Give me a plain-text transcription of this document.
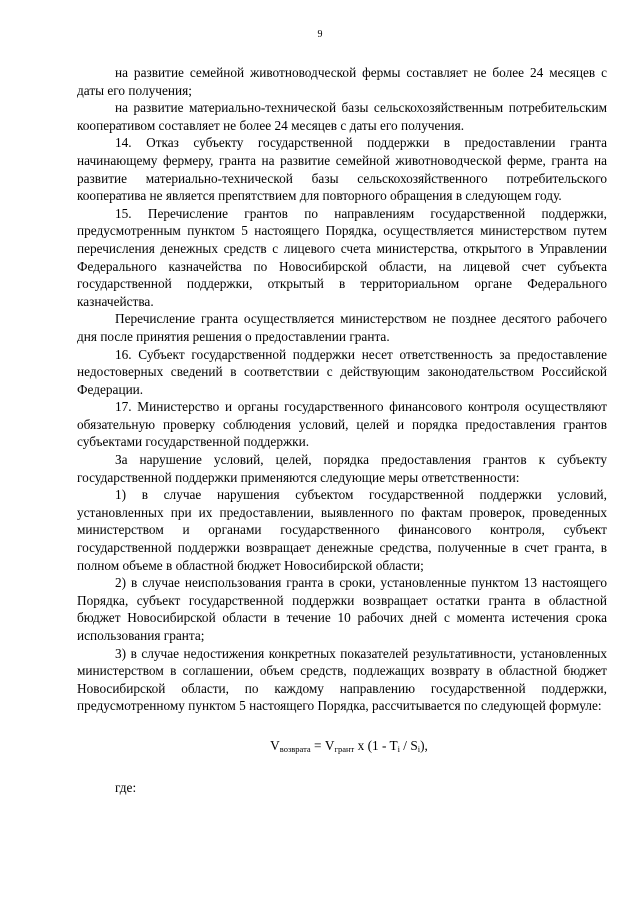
9

на развитие семейной животноводческой фермы составляет не более 24 месяцев с даты его получения;

на развитие материально-технической базы сельскохозяйственным потребительским кооперативом составляет не более 24 месяцев с даты его получения.

14. Отказ субъекту государственной поддержки в предоставлении гранта начинающему фермеру, гранта на развитие семейной животноводческой ферме, гранта на развитие материально-технической базы сельскохозяйственного потребительского кооператива не является препятствием для повторного обращения в следующем году.

15. Перечисление грантов по направлениям государственной поддержки, предусмотренным пунктом 5 настоящего Порядка, осуществляется министерством путем перечисления денежных средств с лицевого счета министерства, открытого в Управлении Федерального казначейства по Новосибирской области, на лицевой счет субъекта государственной поддержки, открытый в территориальном органе Федерального казначейства.

Перечисление гранта осуществляется министерством не позднее десятого рабочего дня после принятия решения о предоставлении гранта.

16. Субъект государственной поддержки несет ответственность за предоставление недостоверных сведений в соответствии с действующим законодательством Российской Федерации.

17. Министерство и органы государственного финансового контроля осуществляют обязательную проверку соблюдения условий, целей и порядка предоставления грантов субъектами государственной поддержки.

За нарушение условий, целей, порядка предоставления грантов к субъекту государственной поддержки применяются следующие меры ответственности:

1) в случае нарушения субъектом государственной поддержки условий, установленных при их предоставлении, выявленного по фактам проверок, проведенных министерством и органами государственного финансового контроля, субъект государственной поддержки возвращает денежные средства, полученные в счет гранта, в полном объеме в областной бюджет Новосибирской области;

2) в случае неиспользования гранта в сроки, установленные пунктом 13 настоящего Порядка, субъект государственной поддержки возвращает остатки гранта в областной бюджет Новосибирской области в течение 10 рабочих дней с момента истечения срока использования гранта;

3) в случае недостижения конкретных показателей результативности, установленных министерством в соглашении, объем средств, подлежащих возврату в областной бюджет Новосибирской области, по каждому направлению государственной поддержки, предусмотренному пунктом 5 настоящего Порядка, рассчитывается по следующей формуле:

$V_{возврата} = V_{грант}$ x $(1 - T_i / S_i)$,

где:
